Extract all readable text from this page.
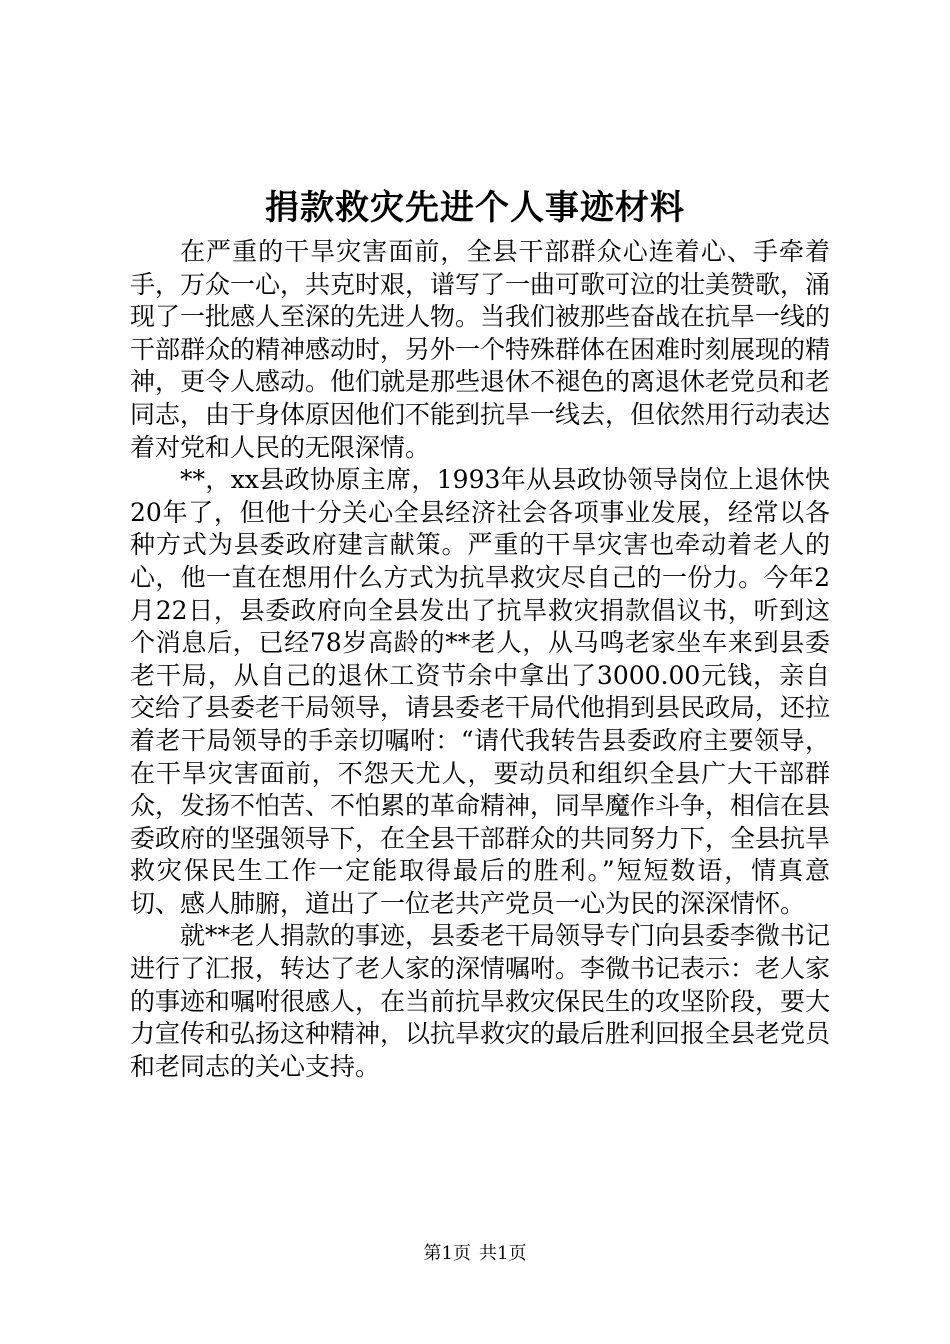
捐款救灾先进个人事迹材料

在严重的干旱灾害面前，全县干部群众心连着心、手牵着手，万众一心，共克时艰，谱写了一曲可歌可泣的壮美赞歌，涌现了一批感人至深的先进人物。当我们被那些奋战在抗旱一线的干部群众的精神感动时，另外一个特殊群体在困难时刻展现的精神，更令人感动。他们就是那些退休不褪色的离退休老党员和老同志，由于身体原因他们不能到抗旱一线去，但依然用行动表达着对党和人民的无限深情。

**，xx县政协原主席，1993年从县政协领导岗位上退休快20年了，但他十分关心全县经济社会各项事业发展，经常以各种方式为县委政府建言献策。严重的干旱灾害也牵动着老人的心，他一直在想用什么方式为抗旱救灾尽自己的一份力。今年2月22日，县委政府向全县发出了抗旱救灾捐款倡议书，听到这个消息后，已经78岁高龄的**老人，从马鸣老家坐车来到县委老干局，从自己的退休工资节余中拿出了3000.00元钱，亲自交给了县委老干局领导，请县委老干局代他捐到县民政局，还拉着老干局领导的手亲切嘱咐：“请代我转告县委政府主要领导，在干旱灾害面前，不怨天尤人，要动员和组织全县广大干部群众，发扬不怕苦、不怕累的革命精神，同旱魔作斗争，相信在县委政府的坚强领导下，在全县干部群众的共同努力下，全县抗旱救灾保民生工作一定能取得最后的胜利。”短短数语，情真意切、感人肺腑，道出了一位老共产党员一心为民的深深情怀。

就**老人捐款的事迹，县委老干局领导专门向县委李微书记进行了汇报，转达了老人家的深情嘱咐。李微书记表示：老人家的事迹和嘱咐很感人，在当前抗旱救灾保民生的攻坚阶段，要大力宣传和弘扬这种精神，以抗旱救灾的最后胜利回报全县老党员和老同志的关心支持。

第1页 共1页
